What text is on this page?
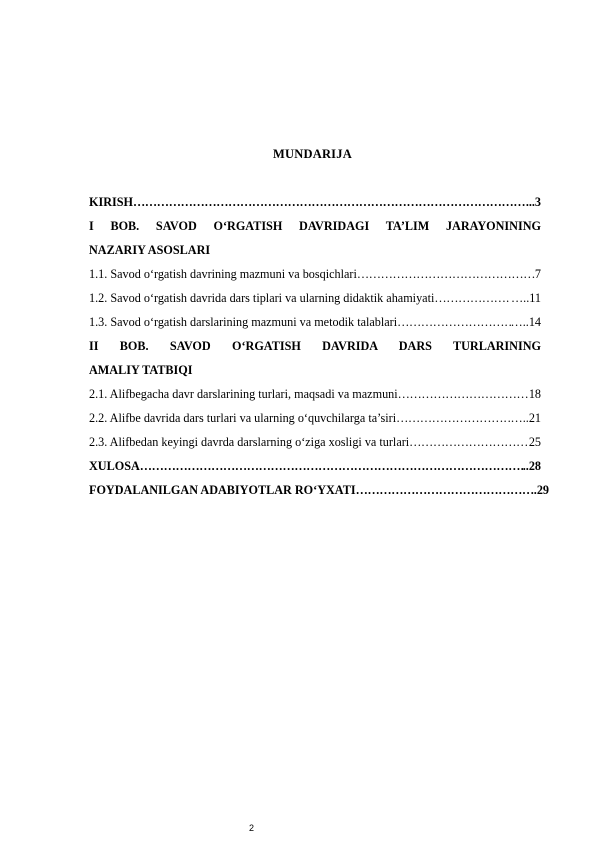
MUNDARIJA
KIRISH ……………………………………………………………………………………………………………………	..3
I BOB. SAVOD O‘RGATISH DAVRIDAGI TA’LIM JARAYONINING
NAZARIY ASOSLARI
1.1. Savod o‘rgatish davrining mazmuni va bosqichlari ……………………………………………………………………………………………………………………	7
1.2. Savod o‘rgatish davrida dars tiplari va ularning didaktik ahamiyati ……………………………………………………………………………………………………………………	…..11
1.3. Savod o‘rgatish darslarining mazmuni va metodik talablari ……………………………………………………………………………………………………………………	…..14
II BOB. SAVOD O‘RGATISH DAVRIDA DARS TURLARINING
AMALIY TATBIQI
2.1. Alifbegacha davr darslarining turlari, maqsadi va mazmuni ……………………………………………………………………………………………………………………	18
2.2. Alifbe davrida dars turlari va ularning o‘quvchilarga ta’siri ……………………………………………………………………………………………………………………	…..21
2.3. Alifbedan keyingi davrda darslarning o‘ziga xosligi va turlari ……………………………………………………………………………………………………………………	25
XULOSA ……………………………………………………………………………………………………………………	..28
FOYDALANILGAN ADABIYOTLAR RO‘YXATI ……………………………………………………………………………………………………………………	..29
2
